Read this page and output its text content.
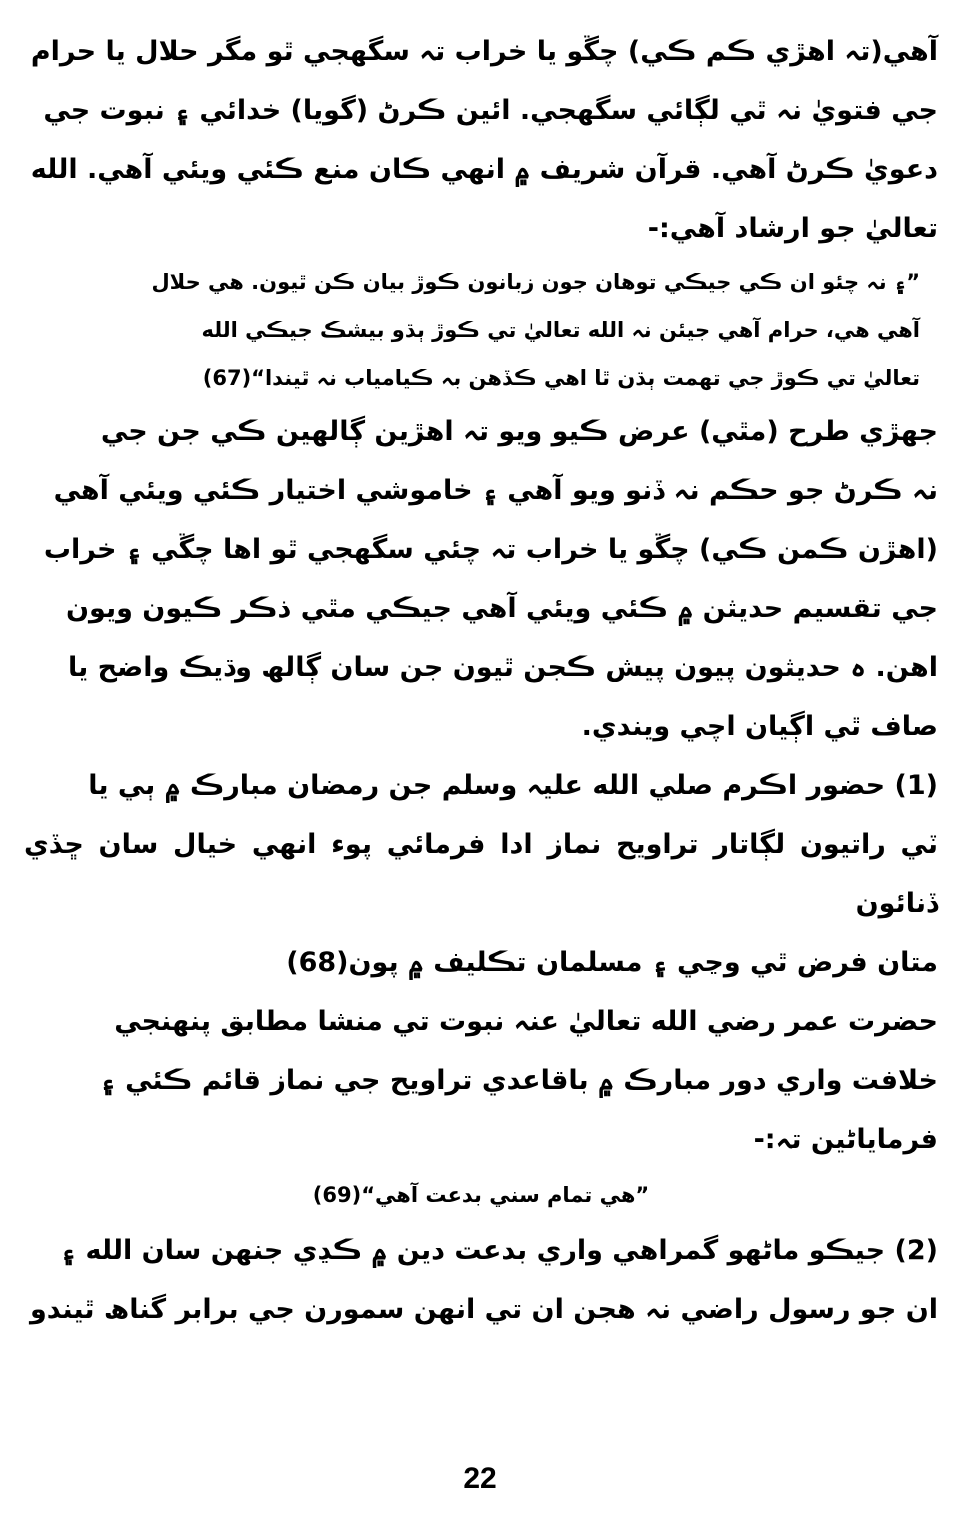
آهي(تہ اهڙي ڪم ڪي) چڱو يا خراب تہ سگهجي ٿو مگر حلال يا حرام
جي فتويٰ نہ ٿي لڳائي سگهجي. ائين ڪرڻ (گويا) خدائي ۽ نبوت جي
دعويٰ ڪرڻ آهي. قرآن شريف ۾ انهي ڪان منع ڪئي ويئي آهي. الله
تعاليٰ جو ارشاد آهي:-

”۽ نہ چئو ان ڪي جيڪي توهان جون زبانون ڪوڙ بيان ڪن ٿيون. هي حلال
آهي هي، حرام آهي جيئن نہ الله تعاليٰ تي ڪوڙ ٻڌو بيشڪ جيڪي الله
تعاليٰ تي ڪوڙ جي تهمت ٻڌن ٿا اهي ڪڏهن بہ ڪيامياب نہ ٿيندا“(67)

جهڙي طرح (مٿي) عرض ڪيو ويو تہ اهڙين ڳالهين ڪي جن جي
نہ ڪرڻ جو حڪم نہ ڏنو ويو آهي ۽ خاموشي اختيار ڪئي ويئي آهي
(اهڙن ڪمن ڪي) چڱو يا خراب تہ چئي سگهجي ٿو اها چڱي ۽ خراب
جي تقسيم حديثن ۾ ڪئي ويئي آهي جيڪي مٿي ذڪر ڪيون ويون
اهن. ہ حديثون پيون پيش ڪجن ٿيون جن سان ڳالھ وڌيڪ واضح يا
صاف ٿي اڳيان اچي ويندي.

(1) حضور اڪرم صلي الله عليہ وسلم جن رمضان مبارڪ ۾ ٻي يا
ٽي راتيون لڳاتار تراويح نماز ادا فرمائي پوء انهي خيال سان ڇڏي ڏنائون
متان فرض ٿي وڃي ۽ مسلمان تڪليف ۾ پون(68)

حضرت عمر رضي الله تعاليٰ عنہ نبوت تي منشا مطابق پنهنجي
خلافت واري دور مبارڪ ۾ باقاعدي تراويح جي نماز قائم ڪئي ۽
فرماياڻين تہ:-

”هي تمام سني بدعت آهي“(69)

(2) جيڪو ماڻهو گمراهي واري بدعت دين ۾ ڪڍي جنهن سان الله ۽
ان جو رسول راضي نہ هجن ان تي انهن سمورن جي برابر گناھ ٿيندو

22
